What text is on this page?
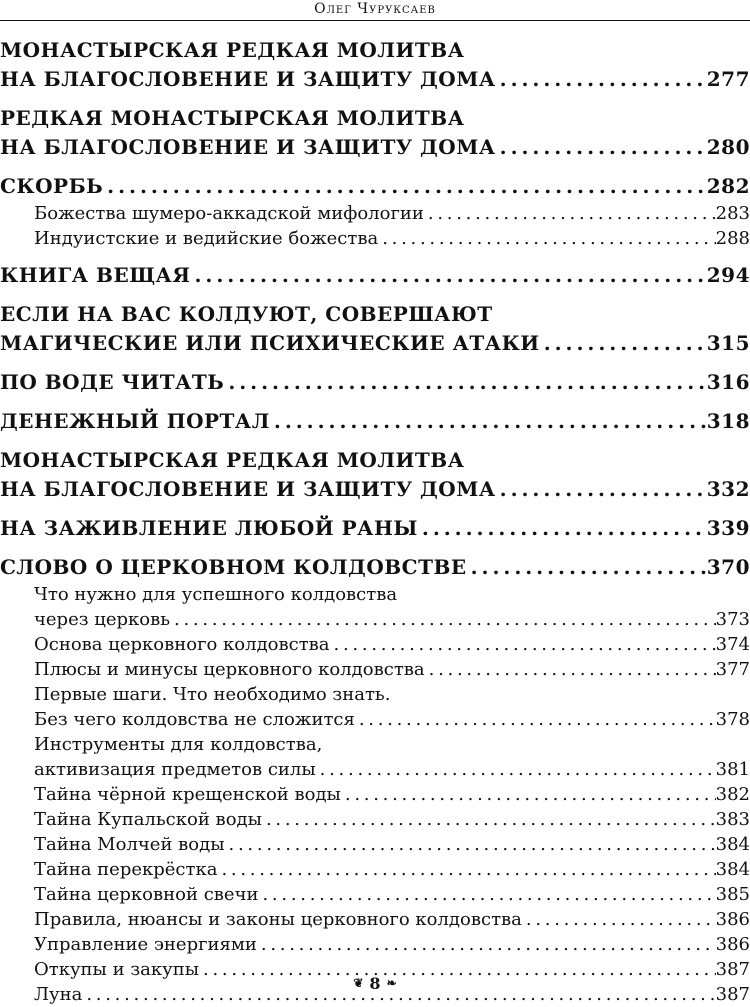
Олег Чуруксаев
МОНАСТЫРСКАЯ РЕДКАЯ МОЛИТВА
НА БЛАГОСЛОВЕНИЕ И ЗАЩИТУ ДОМА . . .	277
РЕДКАЯ МОНАСТЫРСКАЯ МОЛИТВА
НА БЛАГОСЛОВЕНИЕ И ЗАЩИТУ ДОМА . . .	280
СКОРБЬ . . .	282
Божества шумеро-аккадской мифологии . . .	283
Индуистские и ведийские божества . . .	288
КНИГА ВЕЩАЯ . . .	294
ЕСЛИ НА ВАС КОЛДУЮТ, СОВЕРШАЮТ
МАГИЧЕСКИЕ ИЛИ ПСИХИЧЕСКИЕ АТАКИ . . .	315
ПО ВОДЕ ЧИТАТЬ . . .	316
ДЕНЕЖНЫЙ ПОРТАЛ . . .	318
МОНАСТЫРСКАЯ РЕДКАЯ МОЛИТВА
НА БЛАГОСЛОВЕНИЕ И ЗАЩИТУ ДОМА . . .	332
НА ЗАЖИВЛЕНИЕ ЛЮБОЙ РАНЫ . . .	339
СЛОВО О ЦЕРКОВНОМ КОЛДОВСТВЕ . . .	370
Что нужно для успешного колдовства
через церковь . . .	373
Основа церковного колдовства . . .	374
Плюсы и минусы церковного колдовства . . .	377
Первые шаги. Что необходимо знать.
Без чего колдовства не сложится . . .	378
Инструменты для колдовства,
активизация предметов силы . . .	381
Тайна чёрной крещенской воды . . .	382
Тайна Купальской воды . . .	383
Тайна Молчей воды . . .	384
Тайна перекрёстка . . .	384
Тайна церковной свечи . . .	385
Правила, нюансы и законы церковного колдовства . . .	386
Управление энергиями . . .	386
Откупы и закупы . . .	387
Луна . . .	387
❦ 8 ❧
